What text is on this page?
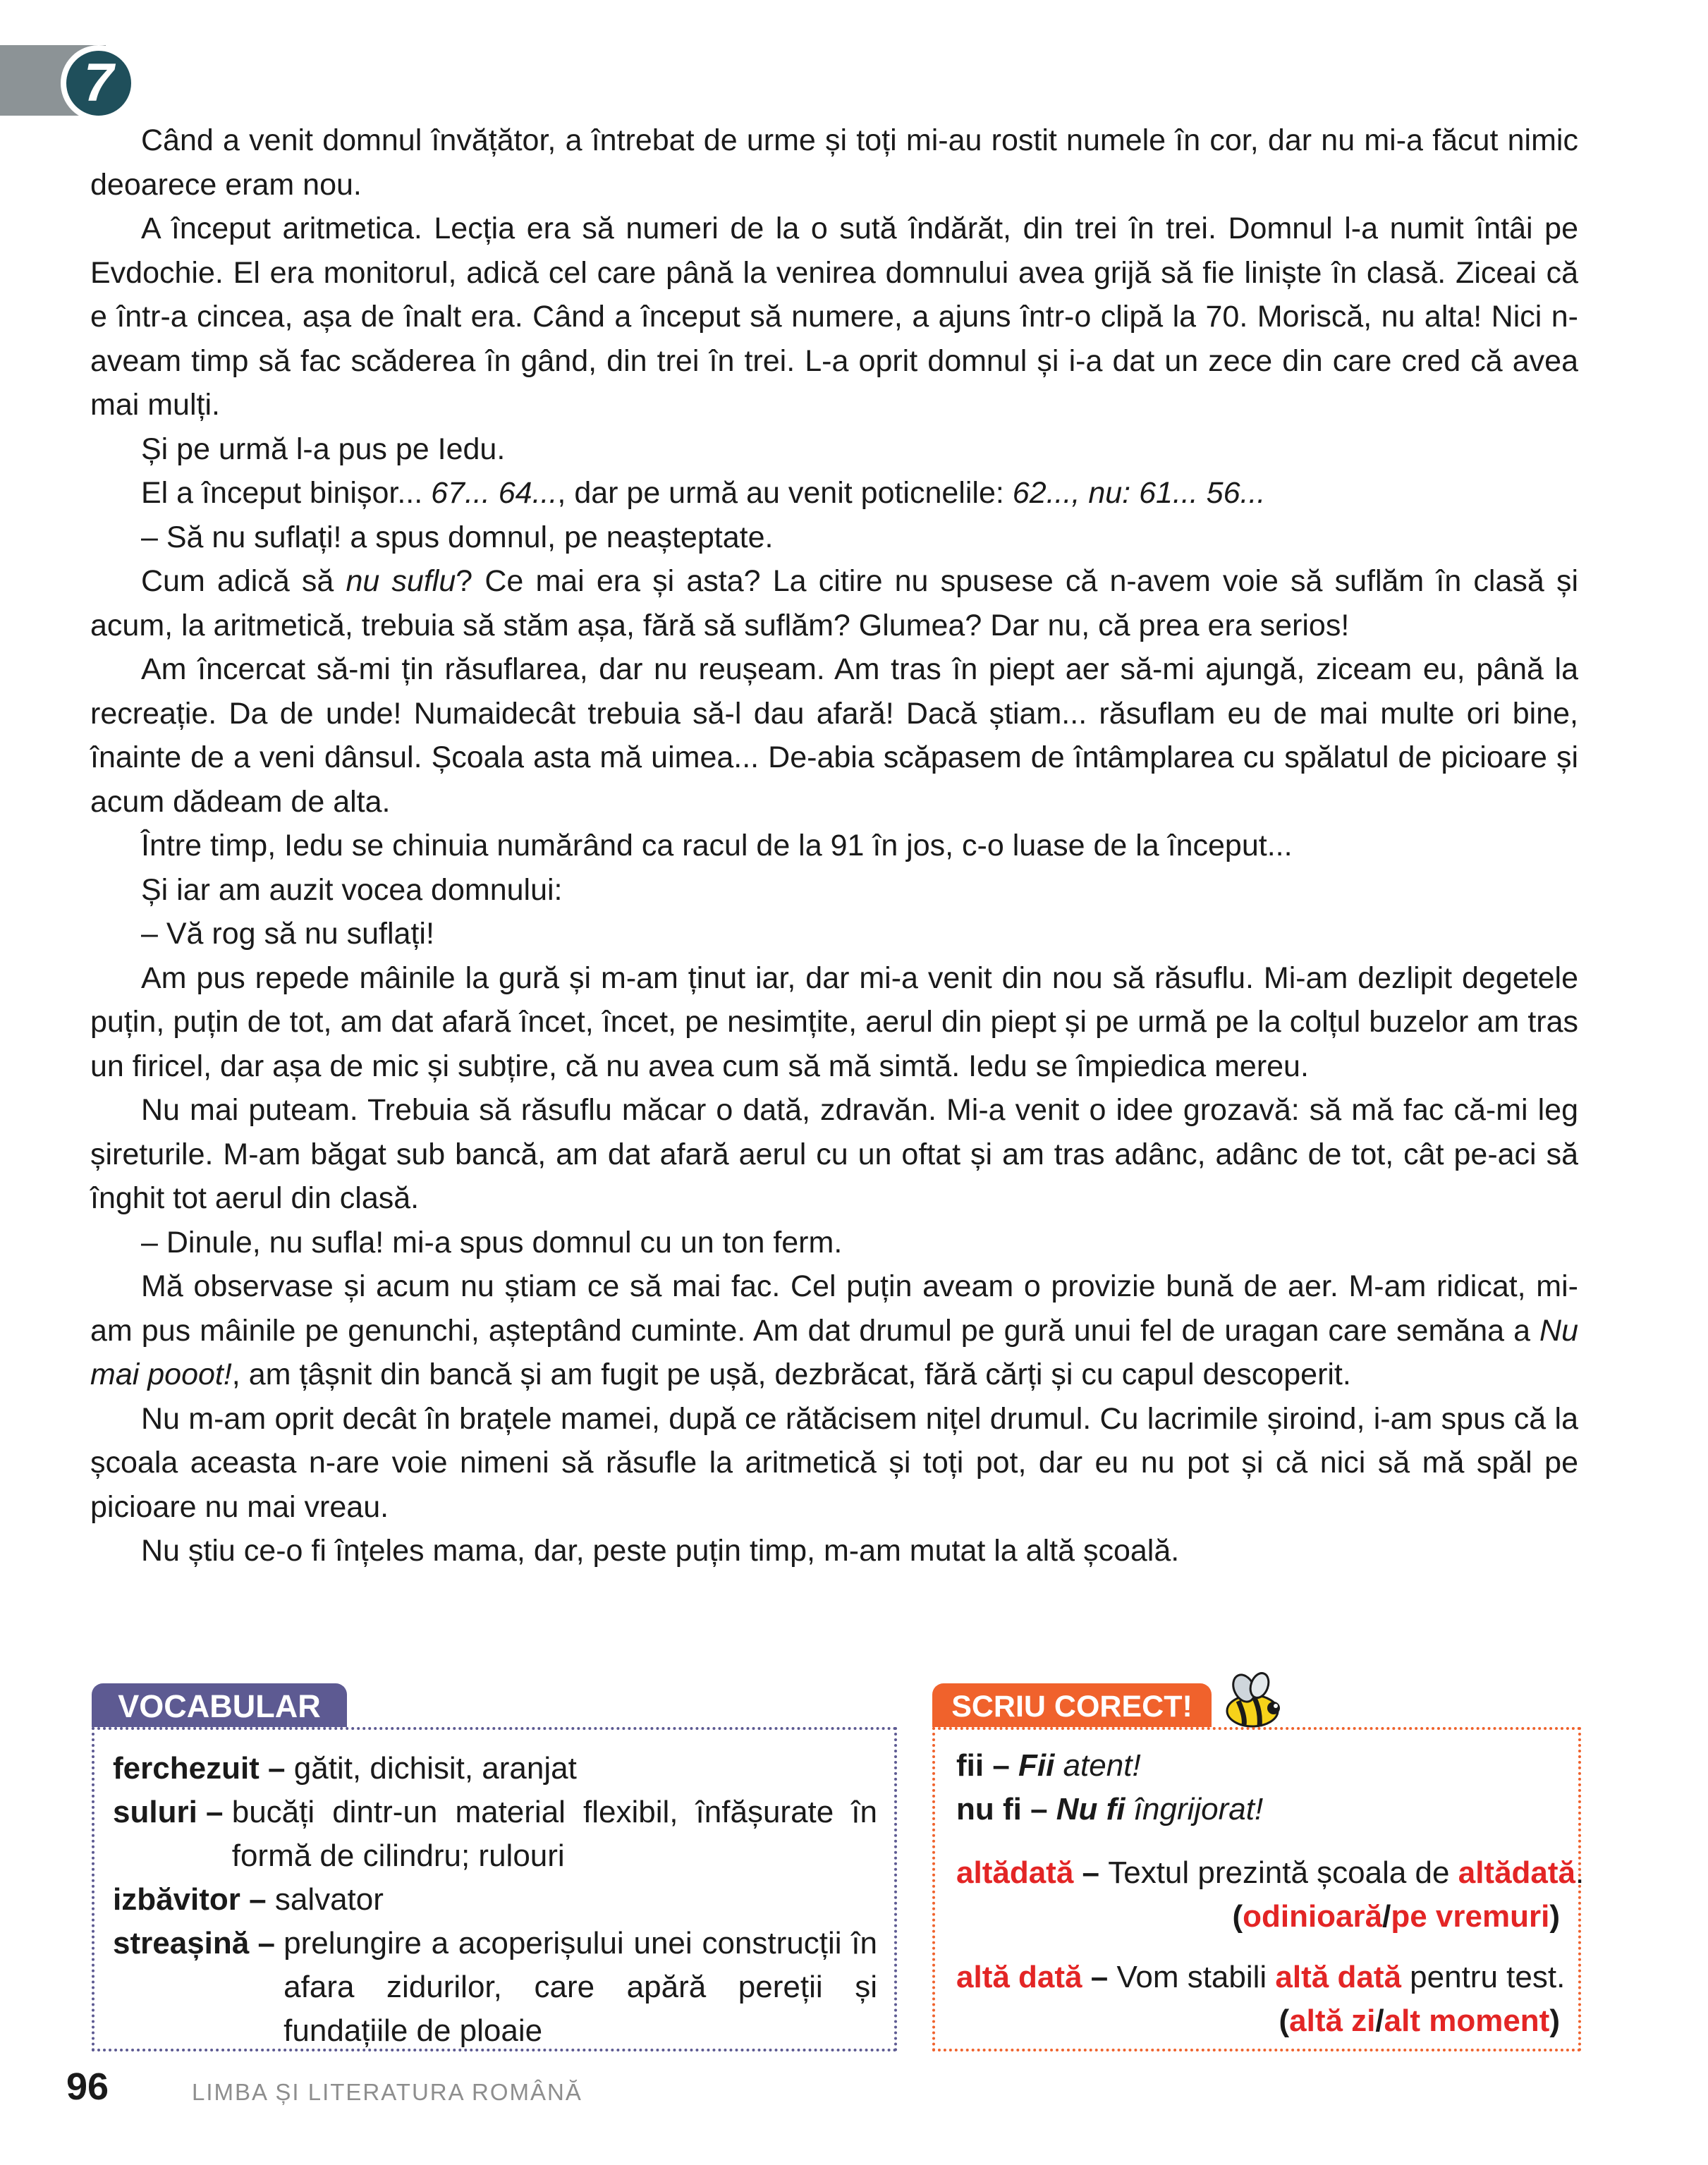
7

Când a venit domnul învățător, a întrebat de urme și toți mi-au rostit numele în cor, dar nu mi-a făcut nimic deoarece eram nou.

A început aritmetica. Lecția era să numeri de la o sută îndărăt, din trei în trei. Domnul l-a numit întâi pe Evdochie. El era monitorul, adică cel care până la venirea domnului avea grijă să fie liniște în clasă. Ziceai că e într-a cincea, așa de înalt era. Când a început să numere, a ajuns într-o clipă la 70. Moriscă, nu alta! Nici n-aveam timp să fac scăderea în gând, din trei în trei. L-a oprit domnul și i-a dat un zece din care cred că avea mai mulți.

Și pe urmă l-a pus pe Iedu.

El a început binișor... 67... 64..., dar pe urmă au venit poticnelile: 62..., nu: 61... 56...

– Să nu suflați! a spus domnul, pe neașteptate.

Cum adică să nu suflu? Ce mai era și asta? La citire nu spusese că n-avem voie să suflăm în clasă și acum, la aritmetică, trebuia să stăm așa, fără să suflăm? Glumea? Dar nu, că prea era serios!

Am încercat să-mi țin răsuflarea, dar nu reușeam. Am tras în piept aer să-mi ajungă, ziceam eu, până la recreație. Da de unde! Numaidecât trebuia să-l dau afară! Dacă știam... răsuflam eu de mai multe ori bine, înainte de a veni dânsul. Școala asta mă uimea... De-abia scăpasem de întâmplarea cu spălatul de picioare și acum dădeam de alta.

Între timp, Iedu se chinuia numărând ca racul de la 91 în jos, c-o luase de la început...

Și iar am auzit vocea domnului:

– Vă rog să nu suflați!

Am pus repede mâinile la gură și m-am ținut iar, dar mi-a venit din nou să răsuflu. Mi-am dezlipit degetele puțin, puțin de tot, am dat afară încet, încet, pe nesimțite, aerul din piept și pe urmă pe la colțul buzelor am tras un firicel, dar așa de mic și subțire, că nu avea cum să mă simtă. Iedu se împiedica mereu.

Nu mai puteam. Trebuia să răsuflu măcar o dată, zdravăn. Mi-a venit o idee grozavă: să mă fac că-mi leg șireturile. M-am băgat sub bancă, am dat afară aerul cu un oftat și am tras adânc, adânc de tot, cât pe-aci să înghit tot aerul din clasă.

– Dinule, nu sufla! mi-a spus domnul cu un ton ferm.

Mă observase și acum nu știam ce să mai fac. Cel puțin aveam o provizie bună de aer. M-am ridicat, mi-am pus mâinile pe genunchi, așteptând cuminte. Am dat drumul pe gură unui fel de uragan care semăna a Nu mai pooot!, am țâșnit din bancă și am fugit pe ușă, dezbrăcat, fără cărți și cu capul descoperit.

Nu m-am oprit decât în brațele mamei, după ce rătăcisem nițel drumul. Cu lacrimile șiroind, i-am spus că la școala aceasta n-are voie nimeni să răsufle la aritmetică și toți pot, dar eu nu pot și că nici să mă spăl pe picioare nu mai vreau.

Nu știu ce-o fi înțeles mama, dar, peste puțin timp, m-am mutat la altă școală.

VOCABULAR
ferchezuit – gătit, dichisit, aranjat
suluri – bucăți dintr-un material flexibil, înfășurate în formă de cilindru; rulouri
izbăvitor – salvator
streașină – prelungire a acoperișului unei construcții în afara zidurilor, care apără pereții și fundațiile de ploaie
SCRIU CORECT!
fii – Fii atent!
nu fi – Nu fi îngrijorat!
altădată – Textul prezintă școala de altădată.
(odinioară/pe vremuri)
altă dată – Vom stabili altă dată pentru test.
(altă zi/alt moment)
96	LIMBA ȘI LITERATURA ROMÂNĂ
